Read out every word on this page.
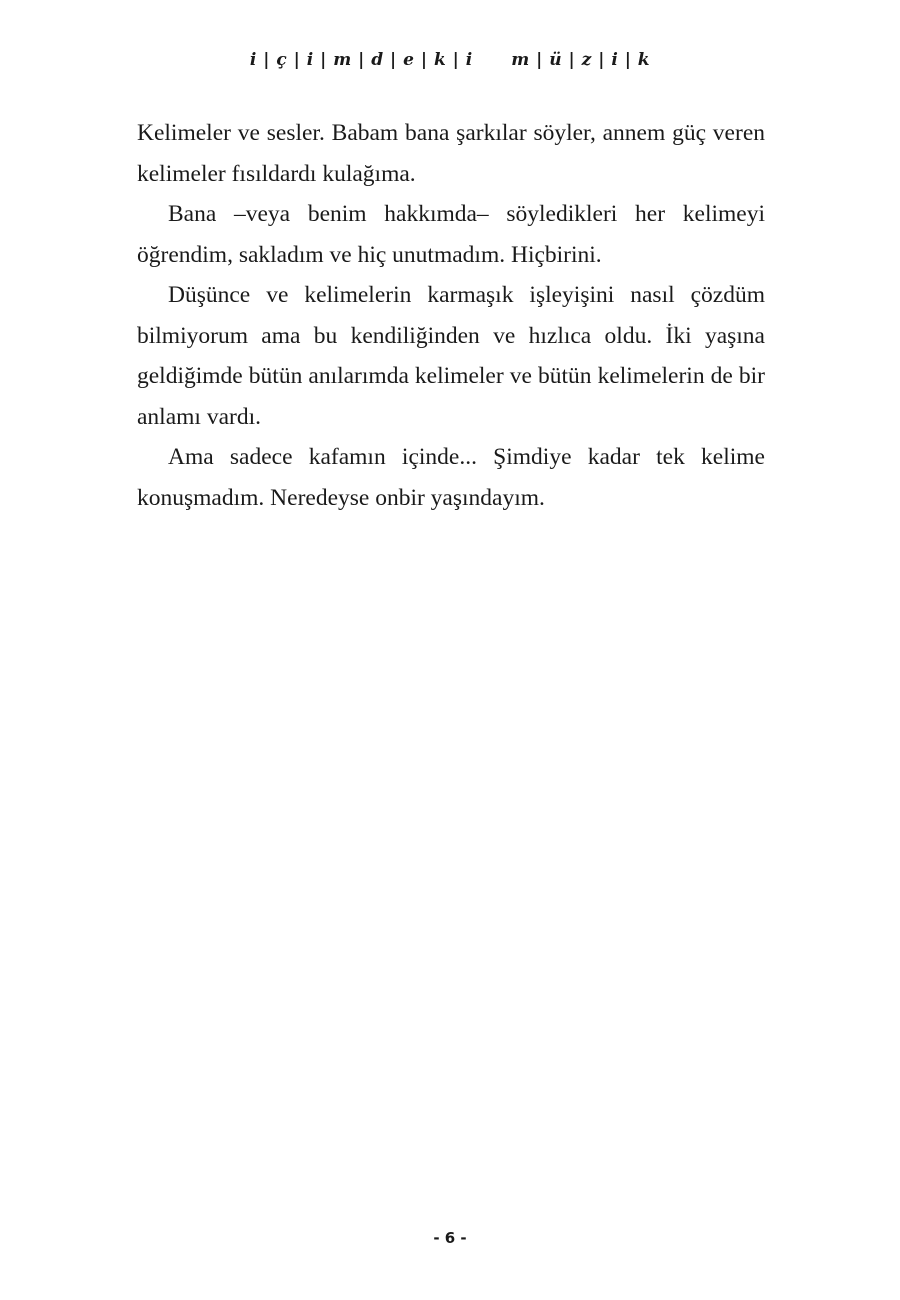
i | ç | i | m | d | e | k | i      m | ü | z | i | k

Kelimeler ve sesler. Babam bana şarkılar söyler, annem güç veren kelimeler fısıldardı kulağıma.

Bana –veya benim hakkımda– söyledikleri her kelimeyi öğrendim, sakladım ve hiç unutmadım. Hiçbirini.

Düşünce ve kelimelerin karmaşık işleyişini nasıl çözdüm bilmiyorum ama bu kendiliğinden ve hızlıca oldu. İki yaşına geldiğimde bütün anılarımda kelimeler ve bütün kelimelerin de bir anlamı vardı.

Ama sadece kafamın içinde... Şimdiye kadar tek kelime konuşmadım. Neredeyse onbir yaşındayım.

- 6 -
